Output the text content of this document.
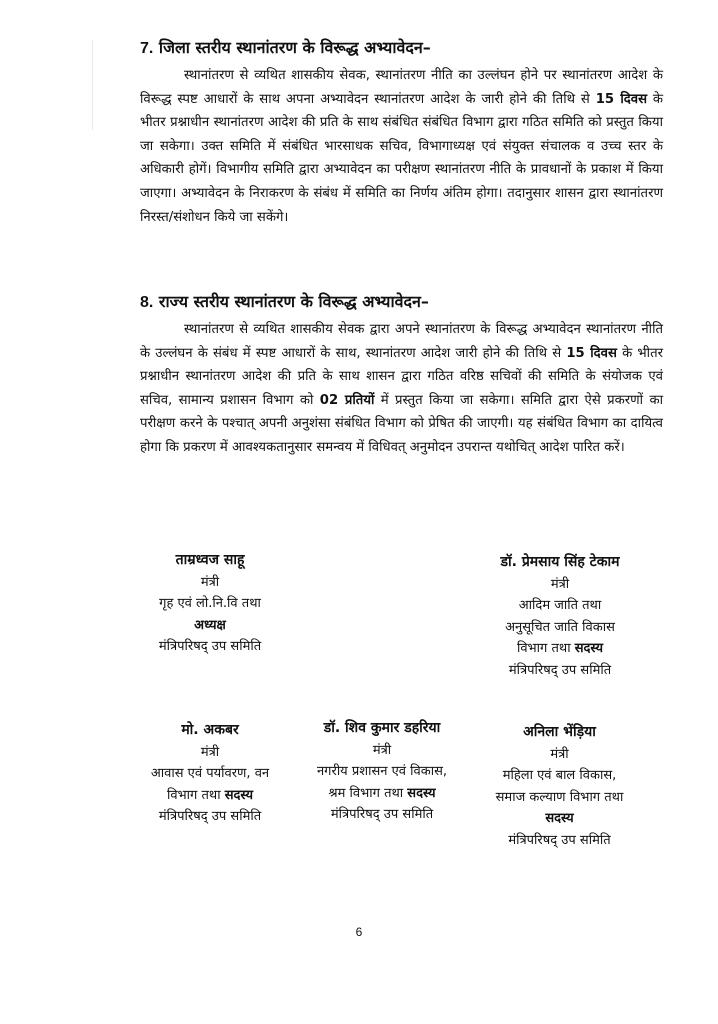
7. जिला स्तरीय स्थानांतरण के विरूद्ध अभ्यावेदन–

स्थानांतरण से व्यथित शासकीय सेवक, स्थानांतरण नीति का उल्लंघन होने पर स्थानांतरण आदेश के विरूद्ध स्पष्ट आधारों के साथ अपना अभ्यावेदन स्थानांतरण आदेश के जारी होने की तिथि से 15 दिवस के भीतर प्रश्नाधीन स्थानांतरण आदेश की प्रति के साथ संबंधित संबंधित विभाग द्वारा गठित समिति को प्रस्तुत किया जा सकेगा। उक्त समिति में संबंधित भारसाधक सचिव, विभागाध्यक्ष एवं संयुक्त संचालक व उच्च स्तर के अधिकारी होगें। विभागीय समिति द्वारा अभ्यावेदन का परीक्षण स्थानांतरण नीति के प्रावधानों के प्रकाश में किया जाएगा। अभ्यावेदन के निराकरण के संबंध में समिति का निर्णय अंतिम होगा। तदानुसार शासन द्वारा स्थानांतरण निरस्त/संशोधन किये जा सकेंगे।

8. राज्य स्तरीय स्थानांतरण के विरूद्ध अभ्यावेदन–

स्थानांतरण से व्यथित शासकीय सेवक द्वारा अपने स्थानांतरण के विरूद्ध अभ्यावेदन स्थानांतरण नीति के उल्लंघन के संबंध में स्पष्ट आधारों के साथ, स्थानांतरण आदेश जारी होने की तिथि से 15 दिवस के भीतर प्रश्नाधीन स्थानांतरण आदेश की प्रति के साथ शासन द्वारा गठित वरिष्ठ सचिवों की समिति के संयोजक एवं सचिव, सामान्य प्रशासन विभाग को 02 प्रतियों में प्रस्तुत किया जा सकेगा। समिति द्वारा ऐसे प्रकरणों का परीक्षण करने के पश्चात् अपनी अनुशंसा संबंधित विभाग को प्रेषित की जाएगी। यह संबंधित विभाग का दायित्व होगा कि प्रकरण में आवश्यकतानुसार समन्वय में विधिवत् अनुमोदन उपरान्त यथोचित् आदेश पारित करें।

ताम्रध्वज साहू
मंत्री
गृह एवं लो.नि.वि तथा
अध्यक्ष
मंत्रिपरिषद् उप समिति
डॉ. प्रेमसाय सिंह टेकाम
मंत्री
आदिम जाति तथा
अनुसूचित जाति विकास
विभाग तथा सदस्य
मंत्रिपरिषद् उप समिति
मो. अकबर
मंत्री
आवास एवं पर्यावरण, वन
विभाग तथा सदस्य
मंत्रिपरिषद् उप समिति
डॉ. शिव कुमार डहरिया
मंत्री
नगरीय प्रशासन एवं विकास,
श्रम विभाग तथा सदस्य
मंत्रिपरिषद् उप समिति
अनिला भेंड़िया
मंत्री
महिला एवं बाल विकास,
समाज कल्याण विभाग तथा
सदस्य
मंत्रिपरिषद् उप समिति
6
